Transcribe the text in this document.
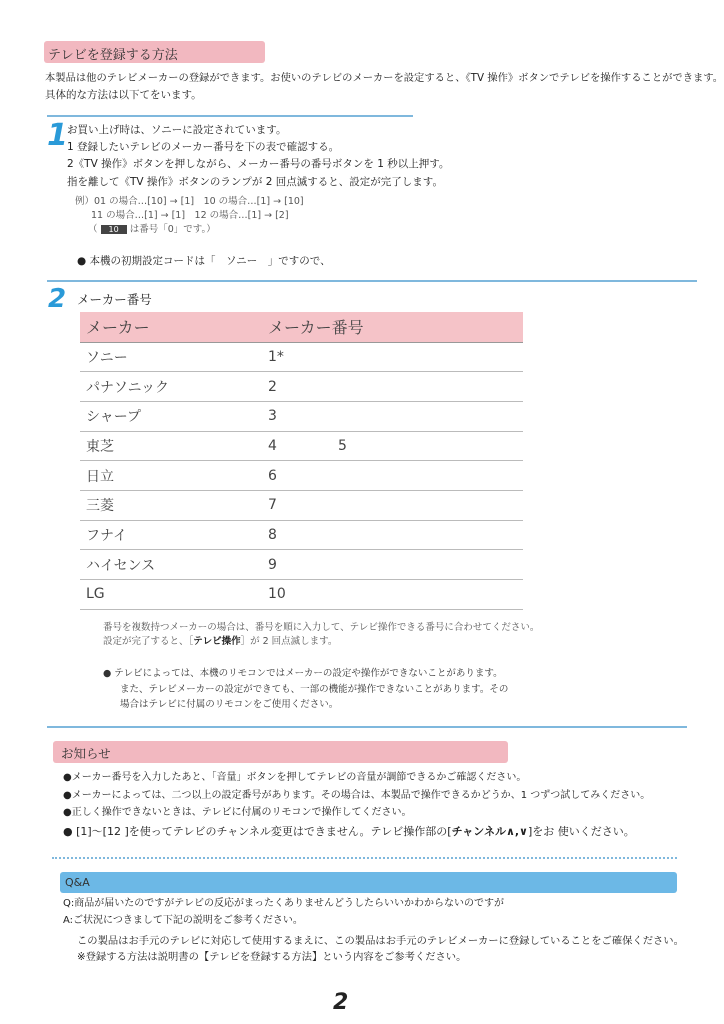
テレビを登録する方法
本製品は他のテレビメーカーの登録ができます。お使いのテレビのメーカーを設定すると、《TV 操作》ボタンでテレビを操作することができます。
具体的な方法は以下てをいます。
1 お買い上げ時は、ソニーに設定されています。
1 登録したいテレビのメーカー番号を下の表で確認する。
2《TV 操作》ボタンを押しながら、メーカー番号の番号ボタンを 1 秒以上押す。
指を離して《TV 操作》ボタンのランプが 2 回点滅すると、設定が完了します。
例）01 の場合…[10] → [1]　10 の場合…[1] → [10]
11 の場合…[1] → [1]　12 の場合…[1] → [2]
（ 10 は番号「0」です。）
● 本機の初期設定コードは「　ソニー　」ですので、
2 メーカー番号
メーカー	メーカー番号	
ソニー	1*	
パナソニック	2	
シャープ	3	
東芝	4	5
日立	6	
三菱	7	
フナイ	8	
ハイセンス	9	
LG	10	
番号を複数持つメーカーの場合は、番号を順に入力して、テレビ操作できる番号に合わせてください。
設定が完了すると、［テレビ操作］が 2 回点滅します。
● テレビによっては、本機のリモコンではメーカーの設定や操作ができないことがあります。
また、テレビメーカーの設定ができても、一部の機能が操作できないことがあります。その
場合はテレビに付属のリモコンをご使用ください。
お知らせ
●メーカー番号を入力したあと、「音量」ボタンを押してテレビの音量が調節できるかご確認ください。
●メーカーによっては、二つ以上の設定番号があります。その場合は、本製品で操作できるかどうか、1 つずつ試してみください。
●正しく操作できないときは、テレビに付属のリモコンで操作してください。
● [1]～[12 ]を使ってテレビのチャンネル変更はできません。テレビ操作部の[チャンネル∧,∨]をお 使いください。
Q&A
Q:商品が届いたのですがテレビの反応がまったくありませんどうしたらいいかわからないのですが
A:ご状況につきまして下記の説明をご参考ください。
この製品はお手元のテレビに対応して使用するまえに、この製品はお手元のテレビメーカーに登録していることをご確保ください。
※登録する方法は説明書の【テレビを登録する方法】という内容をご参考ください。
2
